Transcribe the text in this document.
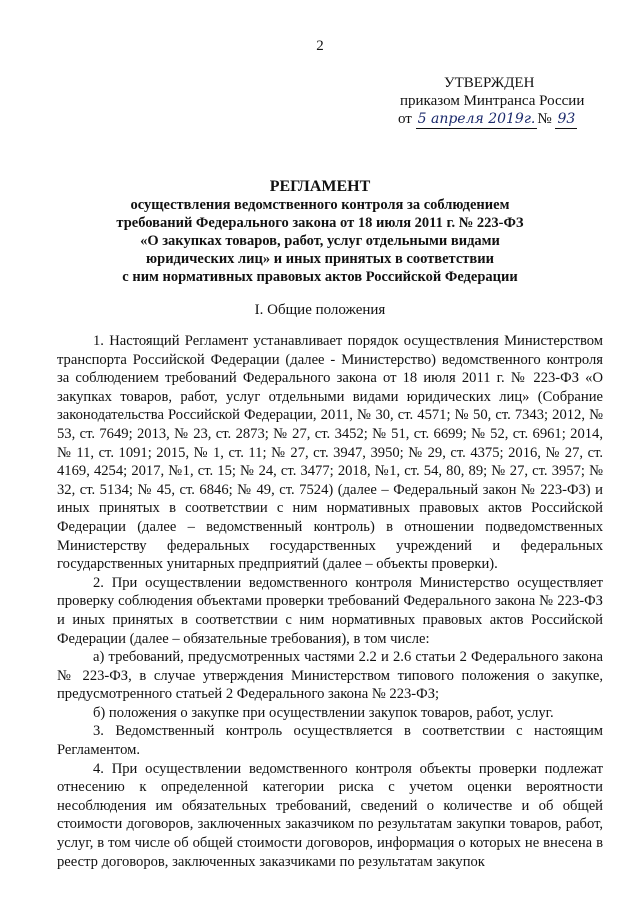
2
УТВЕРЖДЕН
приказом Минтранса России
от 5 апреля 2019г. № 93
РЕГЛАМЕНТ
осуществления ведомственного контроля за соблюдением
требований Федерального закона от 18 июля 2011 г. № 223-ФЗ
«О закупках товаров, работ, услуг отдельными видами
юридических лиц» и иных принятых в соответствии
с ним нормативных правовых актов Российской Федерации
I. Общие положения

1. Настоящий Регламент устанавливает порядок осуществления Министерством транспорта Российской Федерации (далее - Министерство) ведомственного контроля за соблюдением требований Федерального закона от 18 июля 2011 г. № 223-ФЗ «О закупках товаров, работ, услуг отдельными видами юридических лиц» (Собрание законодательства Российской Федерации, 2011, № 30, ст. 4571; № 50, ст. 7343; 2012, № 53, ст. 7649; 2013, № 23, ст. 2873; № 27, ст. 3452; № 51, ст. 6699; № 52, ст. 6961; 2014, № 11, ст. 1091; 2015, № 1, ст. 11; № 27, ст. 3947, 3950; № 29, ст. 4375; 2016, № 27, ст. 4169, 4254; 2017, №1, ст. 15; № 24, ст. 3477; 2018, №1, ст. 54, 80, 89; № 27, ст. 3957; № 32, ст. 5134; № 45, ст. 6846; № 49, ст. 7524) (далее – Федеральный закон № 223-ФЗ) и иных принятых в соответствии с ним нормативных правовых актов Российской Федерации (далее – ведомственный контроль) в отношении подведомственных Министерству федеральных государственных учреждений и федеральных государственных унитарных предприятий (далее – объекты проверки).

2. При осуществлении ведомственного контроля Министерство осуществляет проверку соблюдения объектами проверки требований Федерального закона № 223-ФЗ и иных принятых в соответствии с ним нормативных правовых актов Российской Федерации (далее – обязательные требования), в том числе:

а) требований, предусмотренных частями 2.2 и 2.6 статьи 2 Федерального закона № 223-ФЗ, в случае утверждения Министерством типового положения о закупке, предусмотренного статьей 2 Федерального закона № 223-ФЗ;

б) положения о закупке при осуществлении закупок товаров, работ, услуг.

3. Ведомственный контроль осуществляется в соответствии с настоящим Регламентом.

4. При осуществлении ведомственного контроля объекты проверки подлежат отнесению к определенной категории риска с учетом оценки вероятности несоблюдения им обязательных требований, сведений о количестве и об общей стоимости договоров, заключенных заказчиком по результатам закупки товаров, работ, услуг, в том числе об общей стоимости договоров, информация о которых не внесена в реестр договоров, заключенных заказчиками по результатам закупок
